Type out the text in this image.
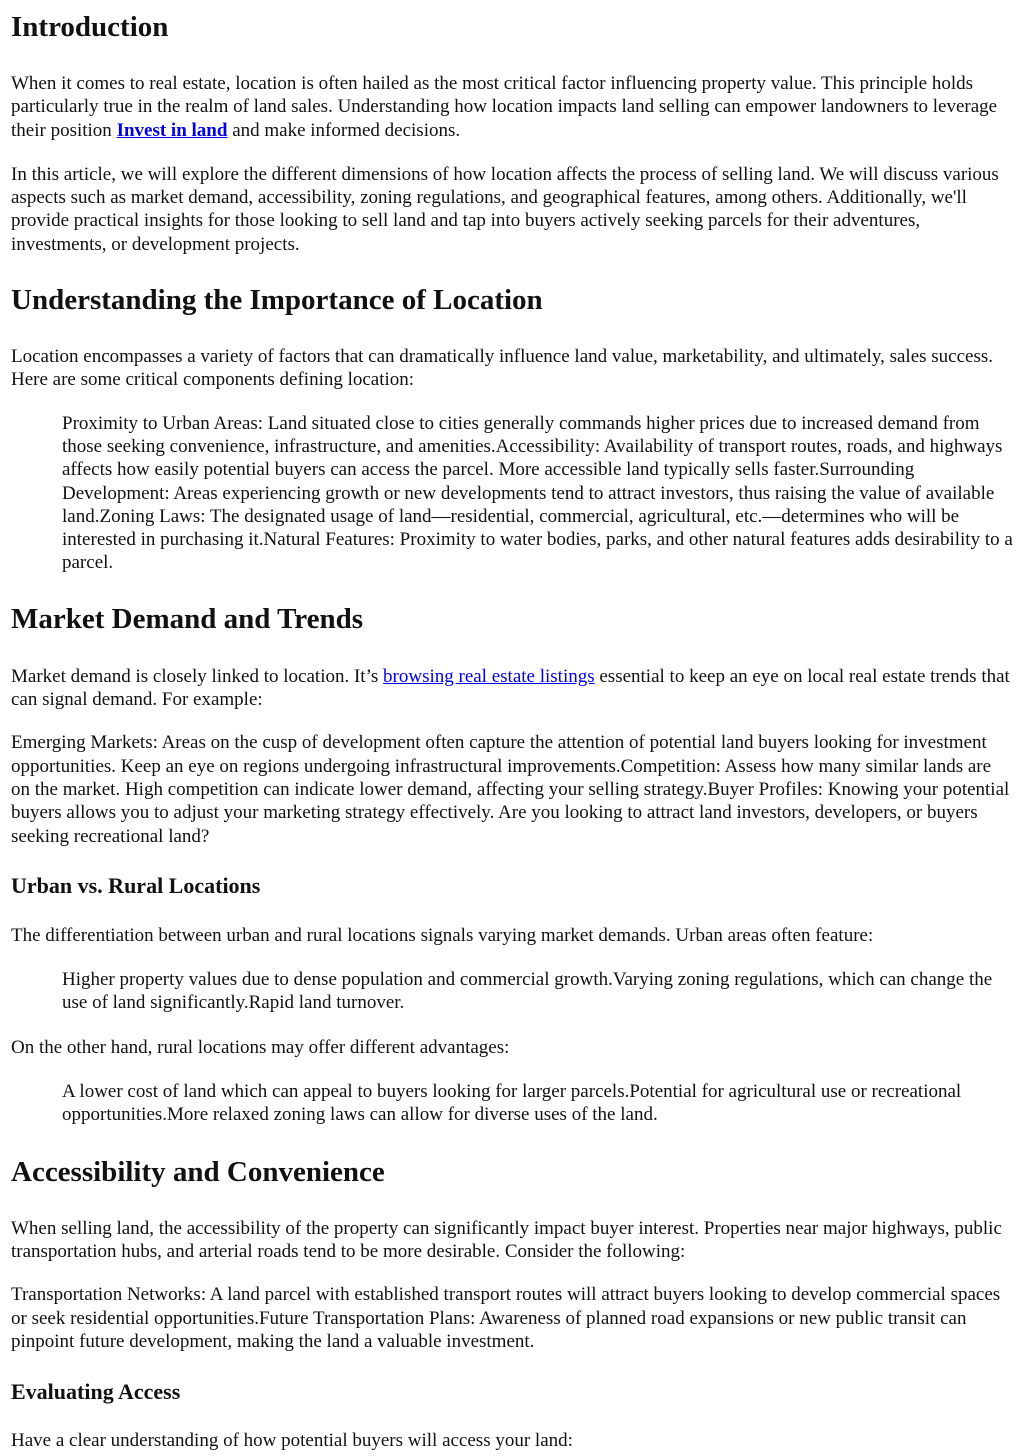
Introduction

When it comes to real estate, location is often hailed as the most critical factor influencing property value. This principle holds particularly true in the realm of land sales. Understanding how location impacts land selling can empower landowners to leverage their position Invest in land and make informed decisions.

In this article, we will explore the different dimensions of how location affects the process of selling land. We will discuss various aspects such as market demand, accessibility, zoning regulations, and geographical features, among others. Additionally, we'll provide practical insights for those looking to sell land and tap into buyers actively seeking parcels for their adventures, investments, or development projects.

Understanding the Importance of Location

Location encompasses a variety of factors that can dramatically influence land value, marketability, and ultimately, sales success. Here are some critical components defining location:

Proximity to Urban Areas: Land situated close to cities generally commands higher prices due to increased demand from those seeking convenience, infrastructure, and amenities.Accessibility: Availability of transport routes, roads, and highways affects how easily potential buyers can access the parcel. More accessible land typically sells faster.Surrounding Development: Areas experiencing growth or new developments tend to attract investors, thus raising the value of available land.Zoning Laws: The designated usage of land—residential, commercial, agricultural, etc.—determines who will be interested in purchasing it.Natural Features: Proximity to water bodies, parks, and other natural features adds desirability to a parcel.
Market Demand and Trends

Market demand is closely linked to location. It’s browsing real estate listings essential to keep an eye on local real estate trends that can signal demand. For example:

Emerging Markets: Areas on the cusp of development often capture the attention of potential land buyers looking for investment opportunities. Keep an eye on regions undergoing infrastructural improvements.Competition: Assess how many similar lands are on the market. High competition can indicate lower demand, affecting your selling strategy.Buyer Profiles: Knowing your potential buyers allows you to adjust your marketing strategy effectively. Are you looking to attract land investors, developers, or buyers seeking recreational land?

Urban vs. Rural Locations

The differentiation between urban and rural locations signals varying market demands. Urban areas often feature:

Higher property values due to dense population and commercial growth.Varying zoning regulations, which can change the use of land significantly.Rapid land turnover.

On the other hand, rural locations may offer different advantages:

A lower cost of land which can appeal to buyers looking for larger parcels.Potential for agricultural use or recreational opportunities.More relaxed zoning laws can allow for diverse uses of the land.
Accessibility and Convenience

When selling land, the accessibility of the property can significantly impact buyer interest. Properties near major highways, public transportation hubs, and arterial roads tend to be more desirable. Consider the following:

Transportation Networks: A land parcel with established transport routes will attract buyers looking to develop commercial spaces or seek residential opportunities.Future Transportation Plans: Awareness of planned road expansions or new public transit can pinpoint future development, making the land a valuable investment.

Evaluating Access

Have a clear understanding of how potential buyers will access your land:
